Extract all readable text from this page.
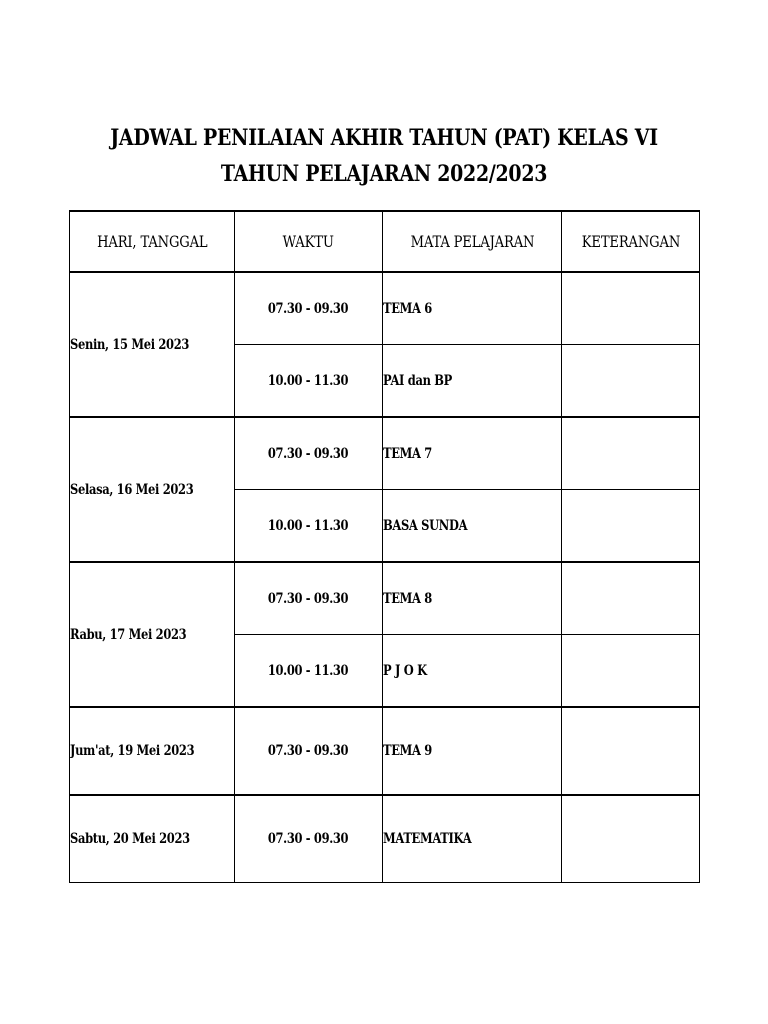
JADWAL PENILAIAN AKHIR TAHUN (PAT) KELAS VI
TAHUN PELAJARAN 2022/2023
HARI, TANGGAL	WAKTU	MATA PELAJARAN	KETERANGAN
Senin, 15 Mei 2023	07.30 - 09.30	TEMA 6	
	10.00 - 11.30	PAI dan BP	
Selasa, 16 Mei 2023	07.30 - 09.30	TEMA 7	
	10.00 - 11.30	BASA SUNDA	
Rabu, 17 Mei 2023	07.30 - 09.30	TEMA 8	
	10.00 - 11.30	P J O K	
Jum'at, 19 Mei 2023	07.30 - 09.30	TEMA 9	
Sabtu, 20 Mei 2023	07.30 - 09.30	MATEMATIKA	
